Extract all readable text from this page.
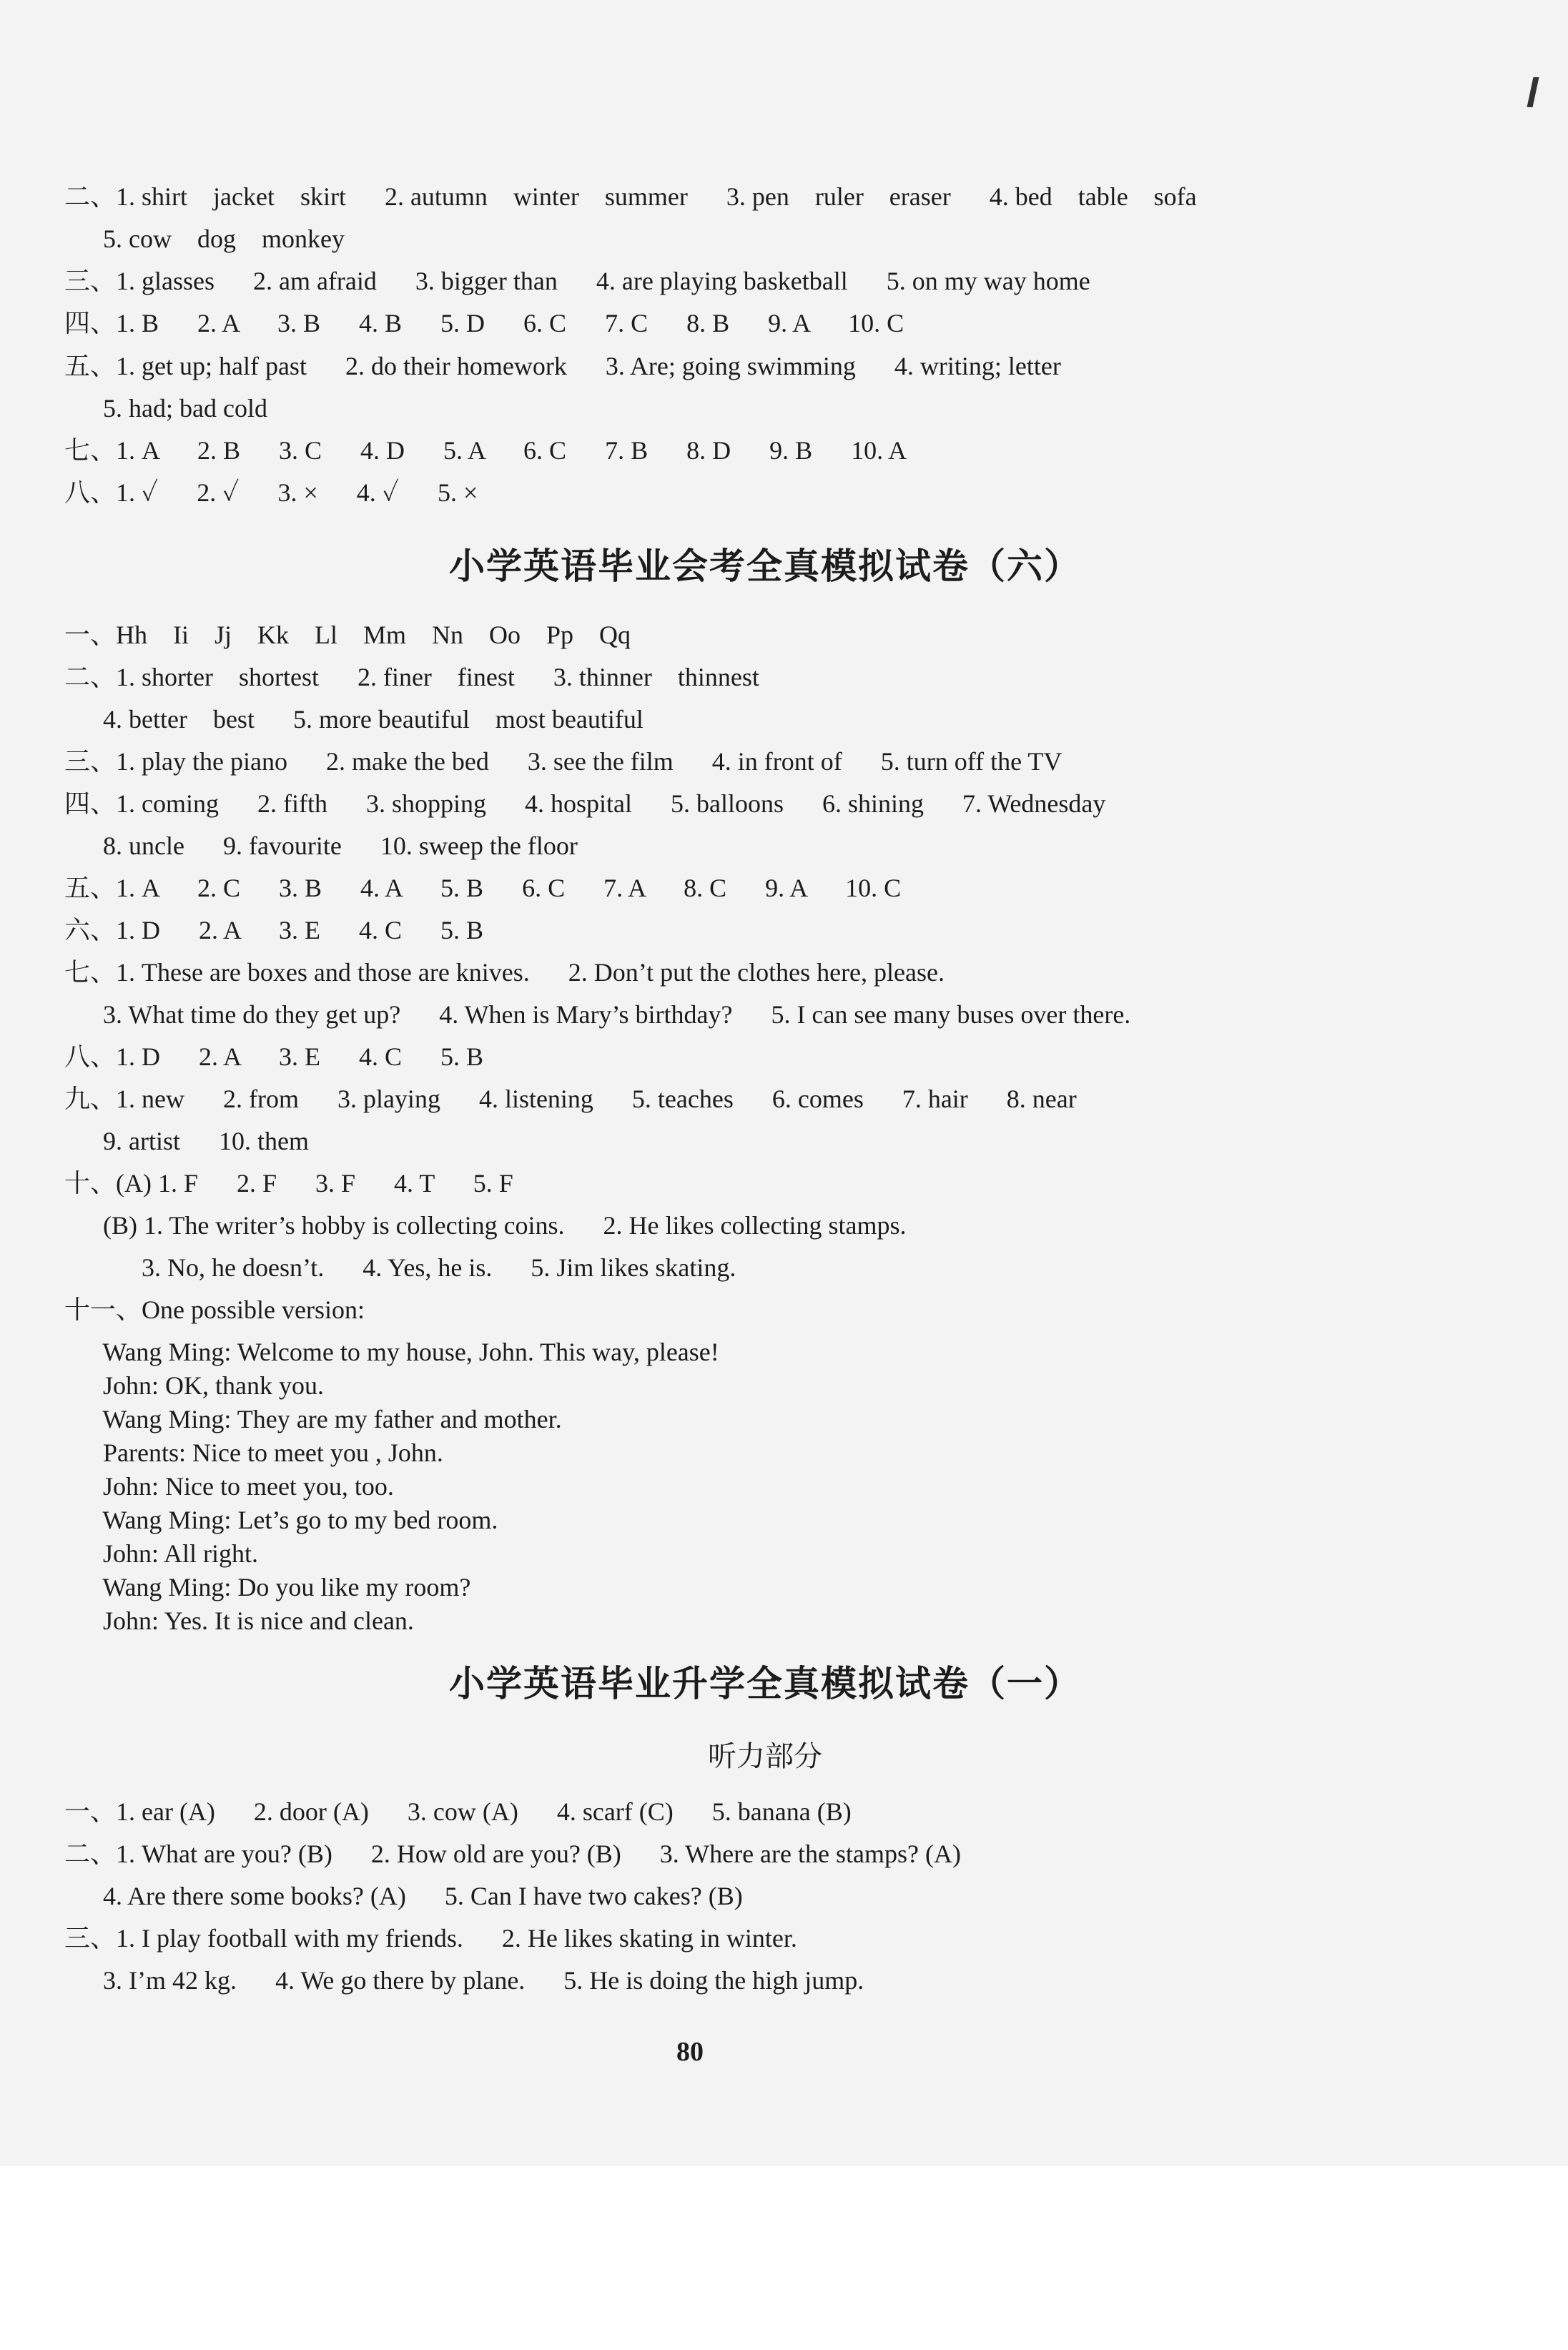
二、1. shirt    jacket    skirt      2. autumn    winter    summer      3. pen    ruler    eraser      4. bed    table    sofa
5. cow    dog    monkey
三、1. glasses      2. am afraid      3. bigger than      4. are playing basketball      5. on my way home
四、1. B      2. A      3. B      4. B      5. D      6. C      7. C      8. B      9. A      10. C
五、1. get up; half past      2. do their homework      3. Are; going swimming      4. writing; letter
5. had; bad cold
七、1. A      2. B      3. C      4. D      5. A      6. C      7. B      8. D      9. B      10. A
八、1. ✓      2. ✓      3. ×      4. ✓      5. ×
小学英语毕业会考全真模拟试卷（六）
一、Hh    Ii    Jj    Kk    Ll    Mm    Nn    Oo    Pp    Qq
二、1. shorter    shortest      2. finer    finest      3. thinner    thinnest
4. better    best      5. more beautiful    most beautiful
三、1. play the piano      2. make the bed      3. see the film      4. in front of      5. turn off the TV
四、1. coming      2. fifth      3. shopping      4. hospital      5. balloons      6. shining      7. Wednesday
8. uncle      9. favourite      10. sweep the floor
五、1. A      2. C      3. B      4. A      5. B      6. C      7. A      8. C      9. A      10. C
六、1. D      2. A      3. E      4. C      5. B
七、1. These are boxes and those are knives.      2. Don’t put the clothes here, please.
3. What time do they get up?      4. When is Mary’s birthday?      5. I can see many buses over there.
八、1. D      2. A      3. E      4. C      5. B
九、1. new      2. from      3. playing      4. listening      5. teaches      6. comes      7. hair      8. near
9. artist      10. them
十、(A) 1. F      2. F      3. F      4. T      5. F
(B) 1. The writer’s hobby is collecting coins.      2. He likes collecting stamps.
3. No, he doesn’t.      4. Yes, he is.      5. Jim likes skating.
十一、One possible version:
Wang Ming: Welcome to my house, John. This way, please!
John: OK, thank you.
Wang Ming: They are my father and mother.
Parents: Nice to meet you , John.
John: Nice to meet you, too.
Wang Ming: Let’s go to my bed room.
John: All right.
Wang Ming: Do you like my room?
John: Yes. It is nice and clean.
小学英语毕业升学全真模拟试卷（一）
听力部分
一、1. ear (A)      2. door (A)      3. cow (A)      4. scarf (C)      5. banana (B)
二、1. What are you? (B)      2. How old are you? (B)      3. Where are the stamps? (A)
4. Are there some books? (A)      5. Can I have two cakes? (B)
三、1. I play football with my friends.      2. He likes skating in winter.
3. I’m 42 kg.      4. We go there by plane.      5. He is doing the high jump.
80
